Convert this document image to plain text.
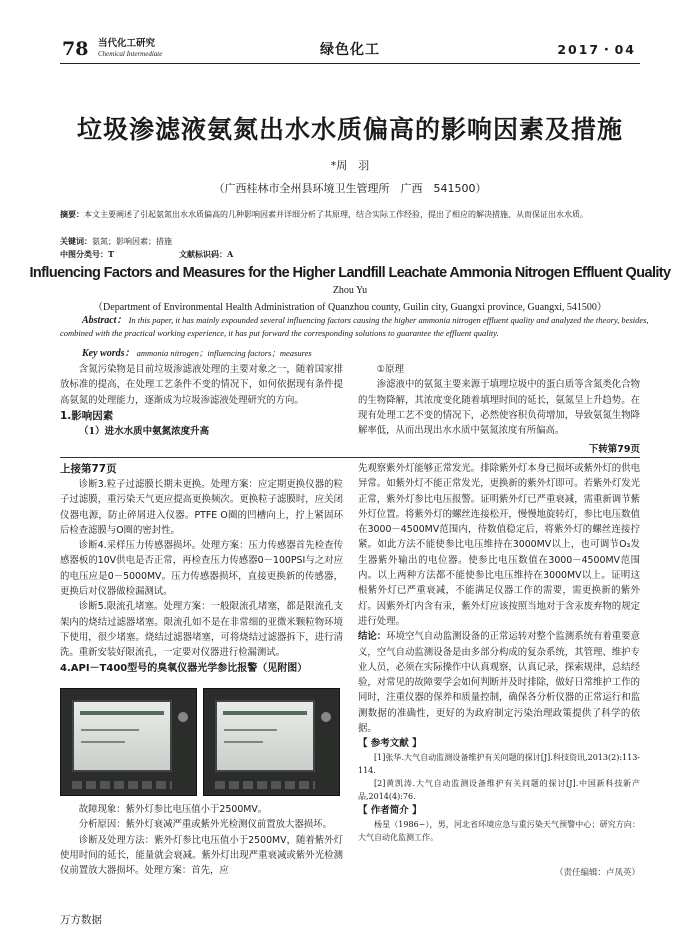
78 当代化工研究
Chemical Intermediate	绿色化工	2017・04
垃圾渗滤液氨氮出水水质偏高的影响因素及措施
*周　羽
（广西桂林市全州县环境卫生管理所　广西　541500）
摘要：本文主要阐述了引起氨氮出水水质偏高的几种影响因素并详细分析了其原理，结合实际工作经验，提出了相应的解决措施、从而保证出水水质。
关键词：氨氮；影响因素；措施
中图分类号：T	文献标识码：A
Influencing Factors and Measures for the Higher Landfill Leachate Ammonia Nitrogen Effluent Quality
Zhou Yu
（Department of Environmental Health Administration of Quanzhou county, Guilin city, Guangxi province, Guangxi, 541500）
Abstract： In this paper, it has mainly expounded several influencing factors causing the higher ammonia nitrogen effluent quality and analyzed the theory, besides, combined with the practical working experience, it has put forward the corresponding solutions to guarantee the effluent quality.
Key words： ammonia nitrogen；influencing factors；measures

含氮污染物是目前垃圾渗滤液处理的主要对象之一，随着国家排放标准的提高，在处理工艺条件不变的情况下，如何依据现有条件提高氨氮的处理能力，逐渐成为垃圾渗滤液处理研究的方向。

1.影响因素

（1）进水水质中氨氮浓度升高

①原理

渗滤液中的氨氮主要来源于填埋垃圾中的蛋白质等含氮类化合物的生物降解，其浓度变化随着填埋时间的延长，氨氮呈上升趋势。在现有处理工艺不变的情况下，必然使容积负荷增加，导致氨氮生物降解率低，从而出现出水水质中氨氮浓度有所偏高。

下转第79页

上接第77页

诊断3.粒子过滤膜长期未更换。处理方案：应定期更换仪器的粒子过滤膜，重污染天气更应提高更换频次。更换粒子滤膜时，应关闭仪器电源，防止碎屑进入仪器。PTFE O圈的凹槽向上，拧上紧固环后检查滤膜与O圈的密封性。

诊断4.采样压力传感器损坏。处理方案：压力传感器首先检查传感器板的10V供电是否正常，再检查压力传感器0－100PSI与之对应的电压应是0－5000MV。压力传感器损坏，直接更换新的传感器，更换后对仪器做检漏测试。

诊断5.限流孔堵塞。处理方案：一般限流孔堵塞，都是限流孔支架内的烧结过滤器堵塞。限流孔如不是在非常细的亚微米颗粒物环境下使用，很少堵塞。烧结过滤器堵塞，可将烧结过滤器拆下，进行清洗。重新安装好限流孔，一定要对仪器进行检漏测试。

4.API－T400型号的臭氧仪器光学参比报警（见附图）

故障现象：紫外灯参比电压值小于2500MV。

分析原因：紫外灯衰减严重或紫外光检测仪前置放大器损坏。

诊断及处理方法：紫外灯参比电压值小于2500MV，随着紫外灯使用时间的延长，能量就会衰减。紫外灯出现严重衰减或紫外光检测仪前置放大器损坏。处理方案：首先，应

先观察紫外灯能够正常发光。排除紫外灯本身已损坏或紫外灯的供电异常。如紫外灯不能正常发光，更换新的紫外灯即可。若紫外灯发光正常，紫外灯参比电压报警。证明紫外灯已严重衰减，需重新调节紫外灯位置。将紫外灯的螺丝连接松开，慢慢地旋转灯，参比电压数值在3000－4500MV范围内，待数值稳定后，将紫外灯的螺丝连接拧紧。如此方法不能使参比电压维持在3000MV以上，也可调节O₃发生器紫外输出的电位器。使参比电压数值在3000－4500MV范围内。以上两种方法都不能使参比电压维持在3000MV以上。证明这根紫外灯已严重衰减，不能满足仪器工作的需要，需更换新的紫外灯。因紫外灯内含有汞，紫外灯应该按照当地对于含汞废弃物的规定进行处理。

结论：环境空气自动监测设备的正常运转对整个监测系统有着重要意义，空气自动监测设备是由多部分构成的复杂系统，其管理、维护专业人员，必须在实际操作中认真观察，认真记录，探索规律，总结经验，对常见的故障要学会如何判断并及时排除，做好日常维护工作的同时，注重仪器的保养和质量控制，确保各分析仪器的正常运行和监测数据的准确性，更好的为政府制定污染治理政策提供了科学的依据。

【 参考文献 】

[1]张华.大气自动监测设备维护有关问题的探讨[J].科技资讯,2013(2):113-114.

[2]黄凯涛.大气自动监测设备维护有关问题的探讨[J].中国新科技新产品,2014(4):76.

【 作者简介 】

杨星（1986~），男，河北省环境应急与重污染天气预警中心；研究方向：大气自动化监测工作。

（责任编辑：卢凤英）
万方数据
